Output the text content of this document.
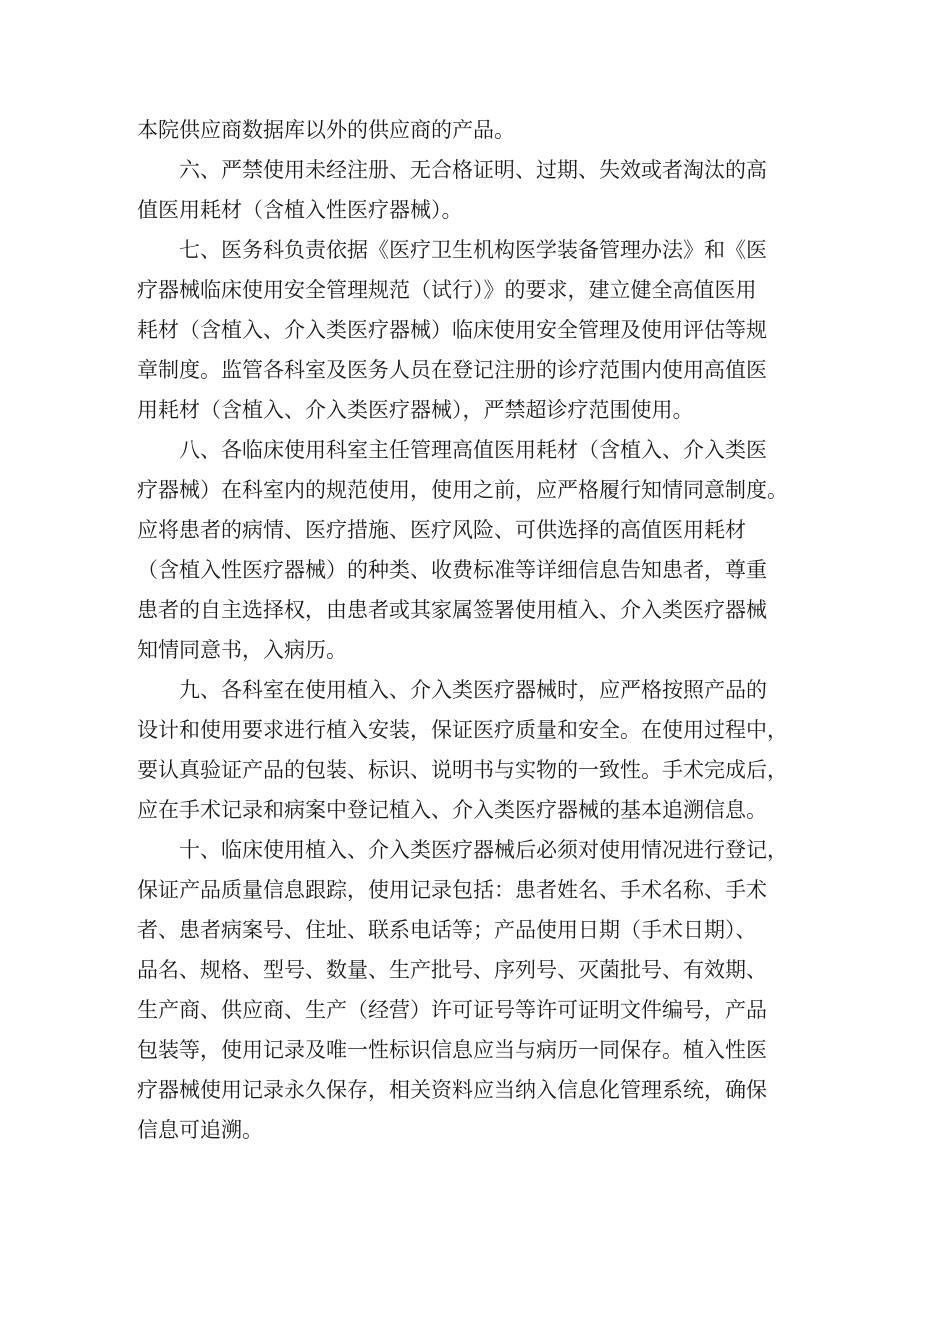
本院供应商数据库以外的供应商的产品。
六、严禁使用未经注册、无合格证明、过期、失效或者淘汰的高
值医用耗材（含植入性医疗器械）。
七、医务科负责依据《医疗卫生机构医学装备管理办法》和《医
疗器械临床使用安全管理规范（试行）》的要求，建立健全高值医用
耗材（含植入、介入类医疗器械）临床使用安全管理及使用评估等规
章制度。监管各科室及医务人员在登记注册的诊疗范围内使用高值医
用耗材（含植入、介入类医疗器械），严禁超诊疗范围使用。
八、各临床使用科室主任管理高值医用耗材（含植入、介入类医
疗器械）在科室内的规范使用，使用之前，应严格履行知情同意制度。
应将患者的病情、医疗措施、医疗风险、可供选择的高值医用耗材
（含植入性医疗器械）的种类、收费标准等详细信息告知患者，尊重
患者的自主选择权，由患者或其家属签署使用植入、介入类医疗器械
知情同意书，入病历。
九、各科室在使用植入、介入类医疗器械时，应严格按照产品的
设计和使用要求进行植入安装，保证医疗质量和安全。在使用过程中，
要认真验证产品的包装、标识、说明书与实物的一致性。手术完成后，
应在手术记录和病案中登记植入、介入类医疗器械的基本追溯信息。
十、临床使用植入、介入类医疗器械后必须对使用情况进行登记，
保证产品质量信息跟踪，使用记录包括：患者姓名、手术名称、手术
者、患者病案号、住址、联系电话等；产品使用日期（手术日期）、
品名、规格、型号、数量、生产批号、序列号、灭菌批号、有效期、
生产商、供应商、生产（经营）许可证号等许可证明文件编号，产品
包装等，使用记录及唯一性标识信息应当与病历一同保存。植入性医
疗器械使用记录永久保存，相关资料应当纳入信息化管理系统，确保
信息可追溯。
